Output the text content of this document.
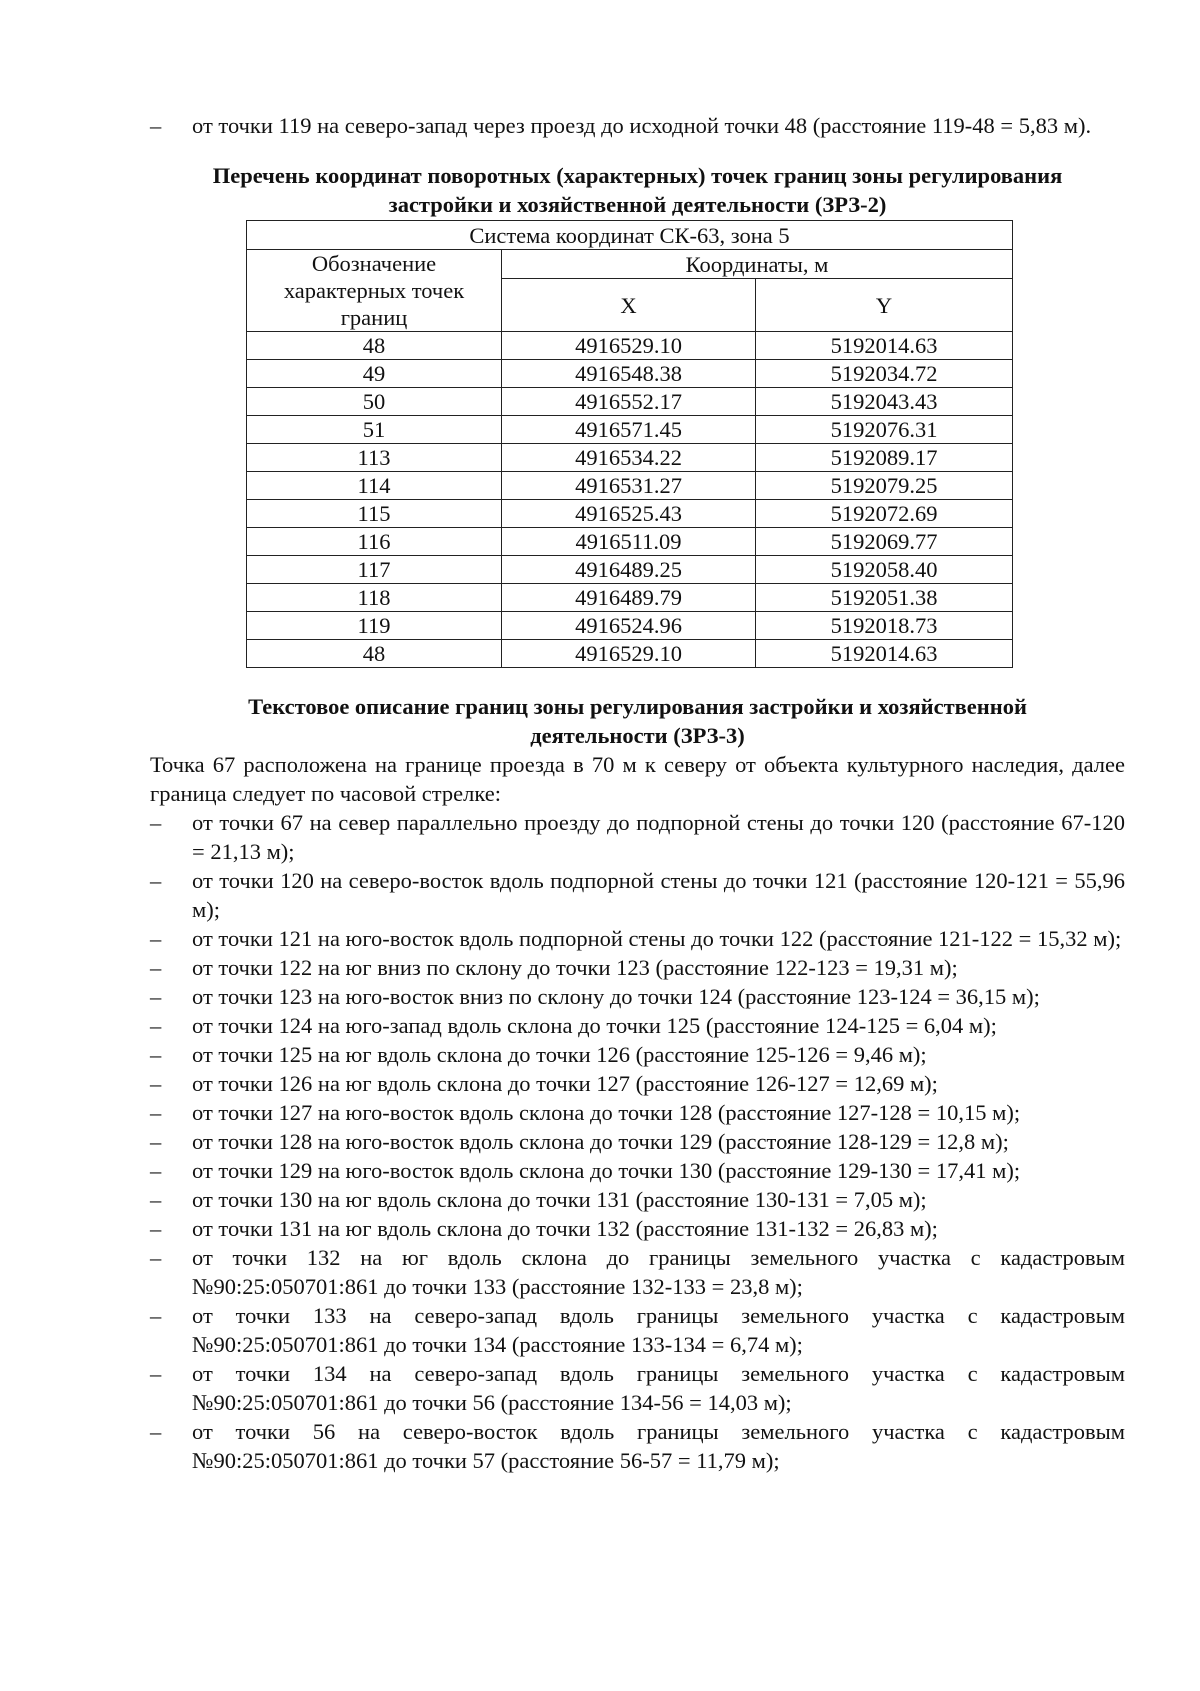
– от точки 119 на северо-запад через проезд до исходной точки 48 (расстояние 119-48 = 5,83 м).
Перечень координат поворотных (характерных) точек границ зоны регулирования
застройки и хозяйственной деятельности (ЗРЗ-2)
Система координат СК-63, зона 5		
Обозначение характерных точек границ	Координаты, м	
	X	Y
48	4916529.10	5192014.63
49	4916548.38	5192034.72
50	4916552.17	5192043.43
51	4916571.45	5192076.31
113	4916534.22	5192089.17
114	4916531.27	5192079.25
115	4916525.43	5192072.69
116	4916511.09	5192069.77
117	4916489.25	5192058.40
118	4916489.79	5192051.38
119	4916524.96	5192018.73
48	4916529.10	5192014.63
Текстовое описание границ зоны регулирования застройки и хозяйственной
деятельности (ЗРЗ-3)
Точка 67 расположена на границе проезда в 70 м к северу от объекта культурного наследия, далее граница следует по часовой стрелке:
– от точки 67 на север параллельно проезду до подпорной стены до точки 120 (расстояние 67-120 = 21,13 м);
– от точки 120 на северо-восток вдоль подпорной стены до точки 121 (расстояние 120-121 = 55,96 м);
– от точки 121 на юго-восток вдоль подпорной стены до точки 122 (расстояние 121-122 = 15,32 м);
– от точки 122 на юг вниз по склону до точки 123 (расстояние 122-123 = 19,31 м);
– от точки 123 на юго-восток вниз по склону до точки 124 (расстояние 123-124 = 36,15 м);
– от точки 124 на юго-запад вдоль склона до точки 125 (расстояние 124-125 = 6,04 м);
– от точки 125 на юг вдоль склона до точки 126 (расстояние 125-126 = 9,46 м);
– от точки 126 на юг вдоль склона до точки 127 (расстояние 126-127 = 12,69 м);
– от точки 127 на юго-восток вдоль склона до точки 128 (расстояние 127-128 = 10,15 м);
– от точки 128 на юго-восток вдоль склона до точки 129 (расстояние 128-129 = 12,8 м);
– от точки 129 на юго-восток вдоль склона до точки 130 (расстояние 129-130 = 17,41 м);
– от точки 130 на юг вдоль склона до точки 131 (расстояние 130-131 = 7,05 м);
– от точки 131 на юг вдоль склона до точки 132 (расстояние 131-132 = 26,83 м);
– от точки 132 на юг вдоль склона до границы земельного участка с кадастровым №90:25:050701:861 до точки 133 (расстояние 132-133 = 23,8 м);
– от точки 133 на северо-запад вдоль границы земельного участка с кадастровым №90:25:050701:861 до точки 134 (расстояние 133-134 = 6,74 м);
– от точки 134 на северо-запад вдоль границы земельного участка с кадастровым №90:25:050701:861 до точки 56 (расстояние 134-56 = 14,03 м);
– от точки 56 на северо-восток вдоль границы земельного участка с кадастровым №90:25:050701:861 до точки 57 (расстояние 56-57 = 11,79 м);
